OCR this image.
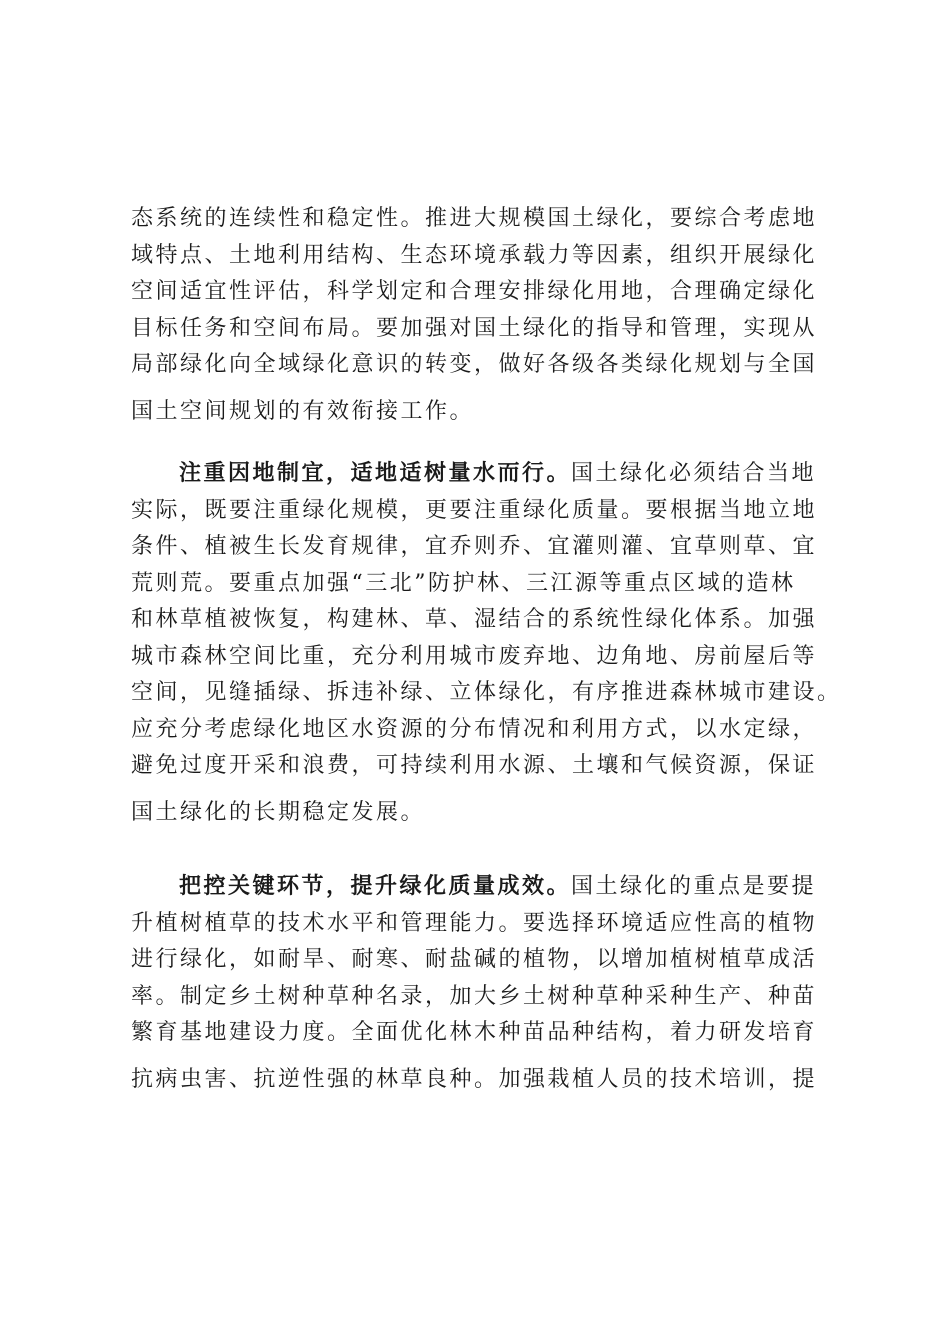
态系统的连续性和稳定性。推进大规模国土绿化，要综合考虑地
域特点、土地利用结构、生态环境承载力等因素，组织开展绿化
空间适宜性评估，科学划定和合理安排绿化用地，合理确定绿化
目标任务和空间布局。要加强对国土绿化的指导和管理，实现从
局部绿化向全域绿化意识的转变，做好各级各类绿化规划与全国
国土空间规划的有效衔接工作。
注重因地制宜，适地适树量水而行。国土绿化必须结合当地
实际，既要注重绿化规模，更要注重绿化质量。要根据当地立地
条件、植被生长发育规律，宜乔则乔、宜灌则灌、宜草则草、宜
荒则荒。要重点加强“三北”防护林、三江源等重点区域的造林
和林草植被恢复，构建林、草、湿结合的系统性绿化体系。加强
城市森林空间比重，充分利用城市废弃地、边角地、房前屋后等
空间，见缝插绿、拆违补绿、立体绿化，有序推进森林城市建设。
应充分考虑绿化地区水资源的分布情况和利用方式，以水定绿，
避免过度开采和浪费，可持续利用水源、土壤和气候资源，保证
国土绿化的长期稳定发展。
把控关键环节，提升绿化质量成效。国土绿化的重点是要提
升植树植草的技术水平和管理能力。要选择环境适应性高的植物
进行绿化，如耐旱、耐寒、耐盐碱的植物，以增加植树植草成活
率。制定乡土树种草种名录，加大乡土树种草种采种生产、种苗
繁育基地建设力度。全面优化林木种苗品种结构，着力研发培育
抗病虫害、抗逆性强的林草良种。加强栽植人员的技术培训，提
